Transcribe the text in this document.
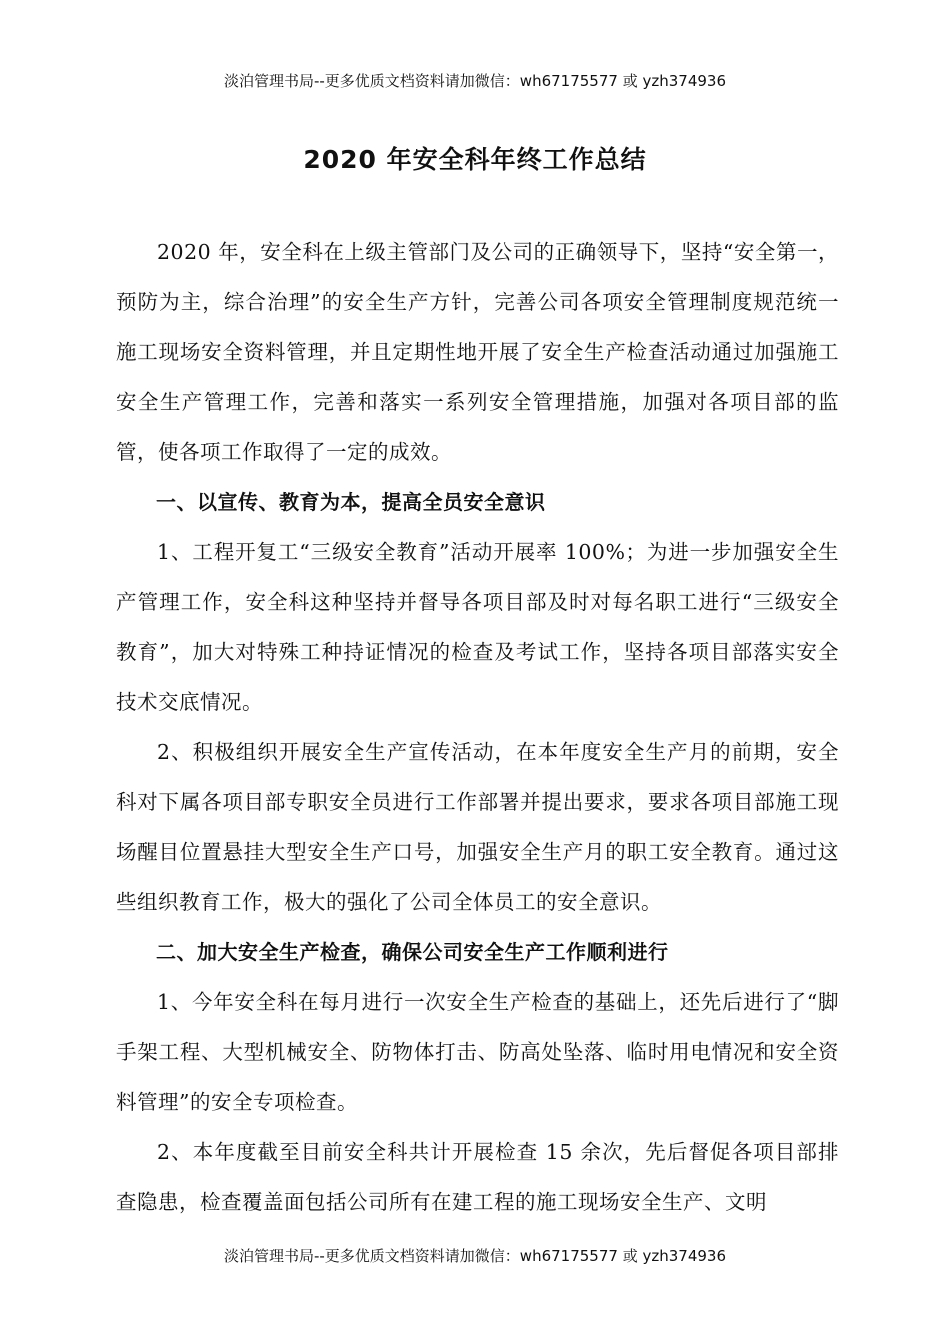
淡泊管理书局--更多优质文档资料请加微信：wh67175577 或 yzh374936
2020 年安全科年终工作总结

2020 年，安全科在上级主管部门及公司的正确领导下，坚持“安全第一，预防为主，综合治理”的安全生产方针，完善公司各项安全管理制度规范统一施工现场安全资料管理，并且定期性地开展了安全生产检查活动通过加强施工安全生产管理工作，完善和落实一系列安全管理措施，加强对各项目部的监管，使各项工作取得了一定的成效。

一、以宣传、教育为本，提高全员安全意识

1、工程开复工“三级安全教育”活动开展率 100%；为进一步加强安全生产管理工作，安全科这种坚持并督导各项目部及时对每名职工进行“三级安全教育”，加大对特殊工种持证情况的检查及考试工作，坚持各项目部落实安全技术交底情况。

2、积极组织开展安全生产宣传活动，在本年度安全生产月的前期，安全科对下属各项目部专职安全员进行工作部署并提出要求，要求各项目部施工现场醒目位置悬挂大型安全生产口号，加强安全生产月的职工安全教育。通过这些组织教育工作，极大的强化了公司全体员工的安全意识。

二、加大安全生产检查，确保公司安全生产工作顺利进行

1、今年安全科在每月进行一次安全生产检查的基础上，还先后进行了“脚手架工程、大型机械安全、防物体打击、防高处坠落、临时用电情况和安全资料管理”的安全专项检查。

2、本年度截至目前安全科共计开展检查 15 余次，先后督促各项目部排查隐患，检查覆盖面包括公司所有在建工程的施工现场安全生产、文明

淡泊管理书局--更多优质文档资料请加微信：wh67175577 或 yzh374936
